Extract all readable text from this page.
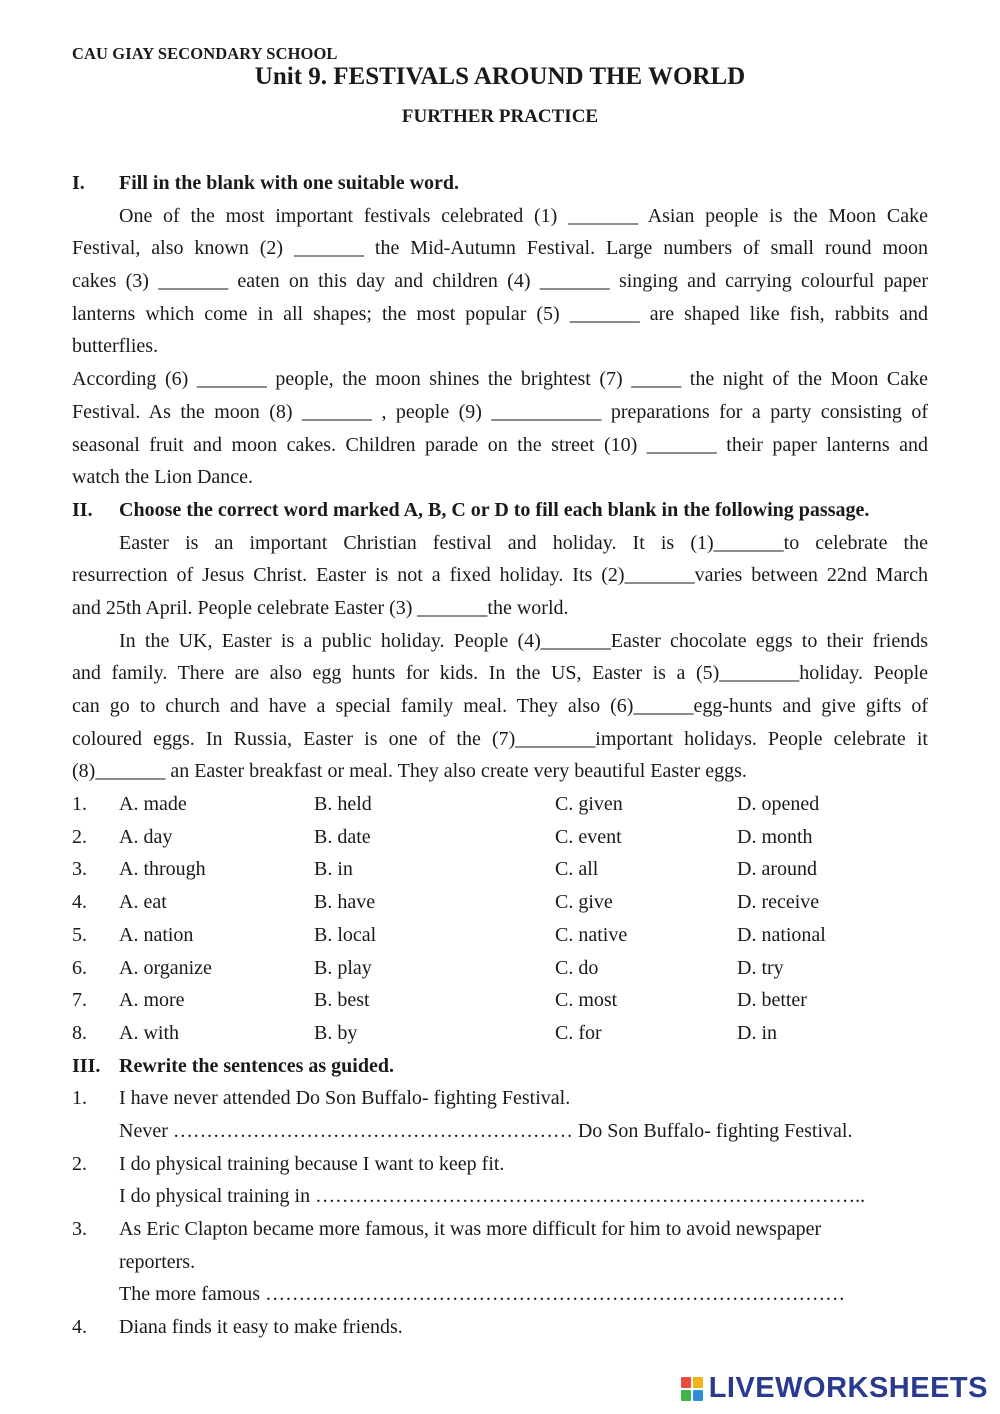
CAU GIAY SECONDARY SCHOOL
Unit 9. FESTIVALS AROUND THE WORLD
FURTHER PRACTICE
I.	Fill in the blank with one suitable word.
One of the most important festivals celebrated (1) _______ Asian people is the Moon Cake
Festival, also known (2) _______ the Mid-Autumn Festival. Large numbers of small round moon
cakes (3) _______ eaten on this day and children (4) _______ singing and carrying colourful paper
lanterns which come in all shapes; the most popular (5) _______ are shaped like fish, rabbits and
butterflies.
According (6) _______ people, the moon shines the brightest (7) _____ the night of the Moon Cake
Festival. As the moon (8) _______ , people (9) ___________ preparations for a party consisting of
seasonal fruit and moon cakes. Children parade on the street (10) _______ their paper lanterns and
watch the Lion Dance.
II.	Choose the correct word marked A, B, C or D to fill each blank in the following passage.
Easter is an important Christian festival and holiday. It is (1)_______to celebrate the
resurrection of Jesus Christ. Easter is not a fixed holiday. Its (2)_______varies between 22nd March
and 25th April. People celebrate Easter (3) _______the world.
In the UK, Easter is a public holiday. People (4)_______Easter chocolate eggs to their friends
and family. There are also egg hunts for kids. In the US, Easter is a (5)________holiday. People
can go to church and have a special family meal. They also (6)______egg-hunts and give gifts of
coloured eggs. In Russia, Easter is one of the (7)________important holidays. People celebrate it
(8)_______ an Easter breakfast or meal. They also create very beautiful Easter eggs.
1.	A. made	B. held	C. given	D. opened
2.	A. day	B. date	C. event	D. month
3.	A. through	B. in	C. all	D. around
4.	A. eat	B. have	C. give	D. receive
5.	A. nation	B. local	C. native	D. national
6.	A. organize	B. play	C. do	D. try
7.	A. more	B. best	C. most	D. better
8.	A. with	B. by	C. for	D. in
III. Rewrite the sentences as guided.
1.	I have never attended Do Son Buffalo- fighting Festival.
Never …………………………………………………… Do Son Buffalo- fighting Festival.
2.	I do physical training because I want to keep fit.
I do physical training in ………………………………………………………………………..
3.	As Eric Clapton became more famous, it was more difficult for him to avoid newspaper
reporters.
The more famous ……………………………………………………………………………
4.	Diana finds it easy to make friends.
LIVEWORKSHEETS
